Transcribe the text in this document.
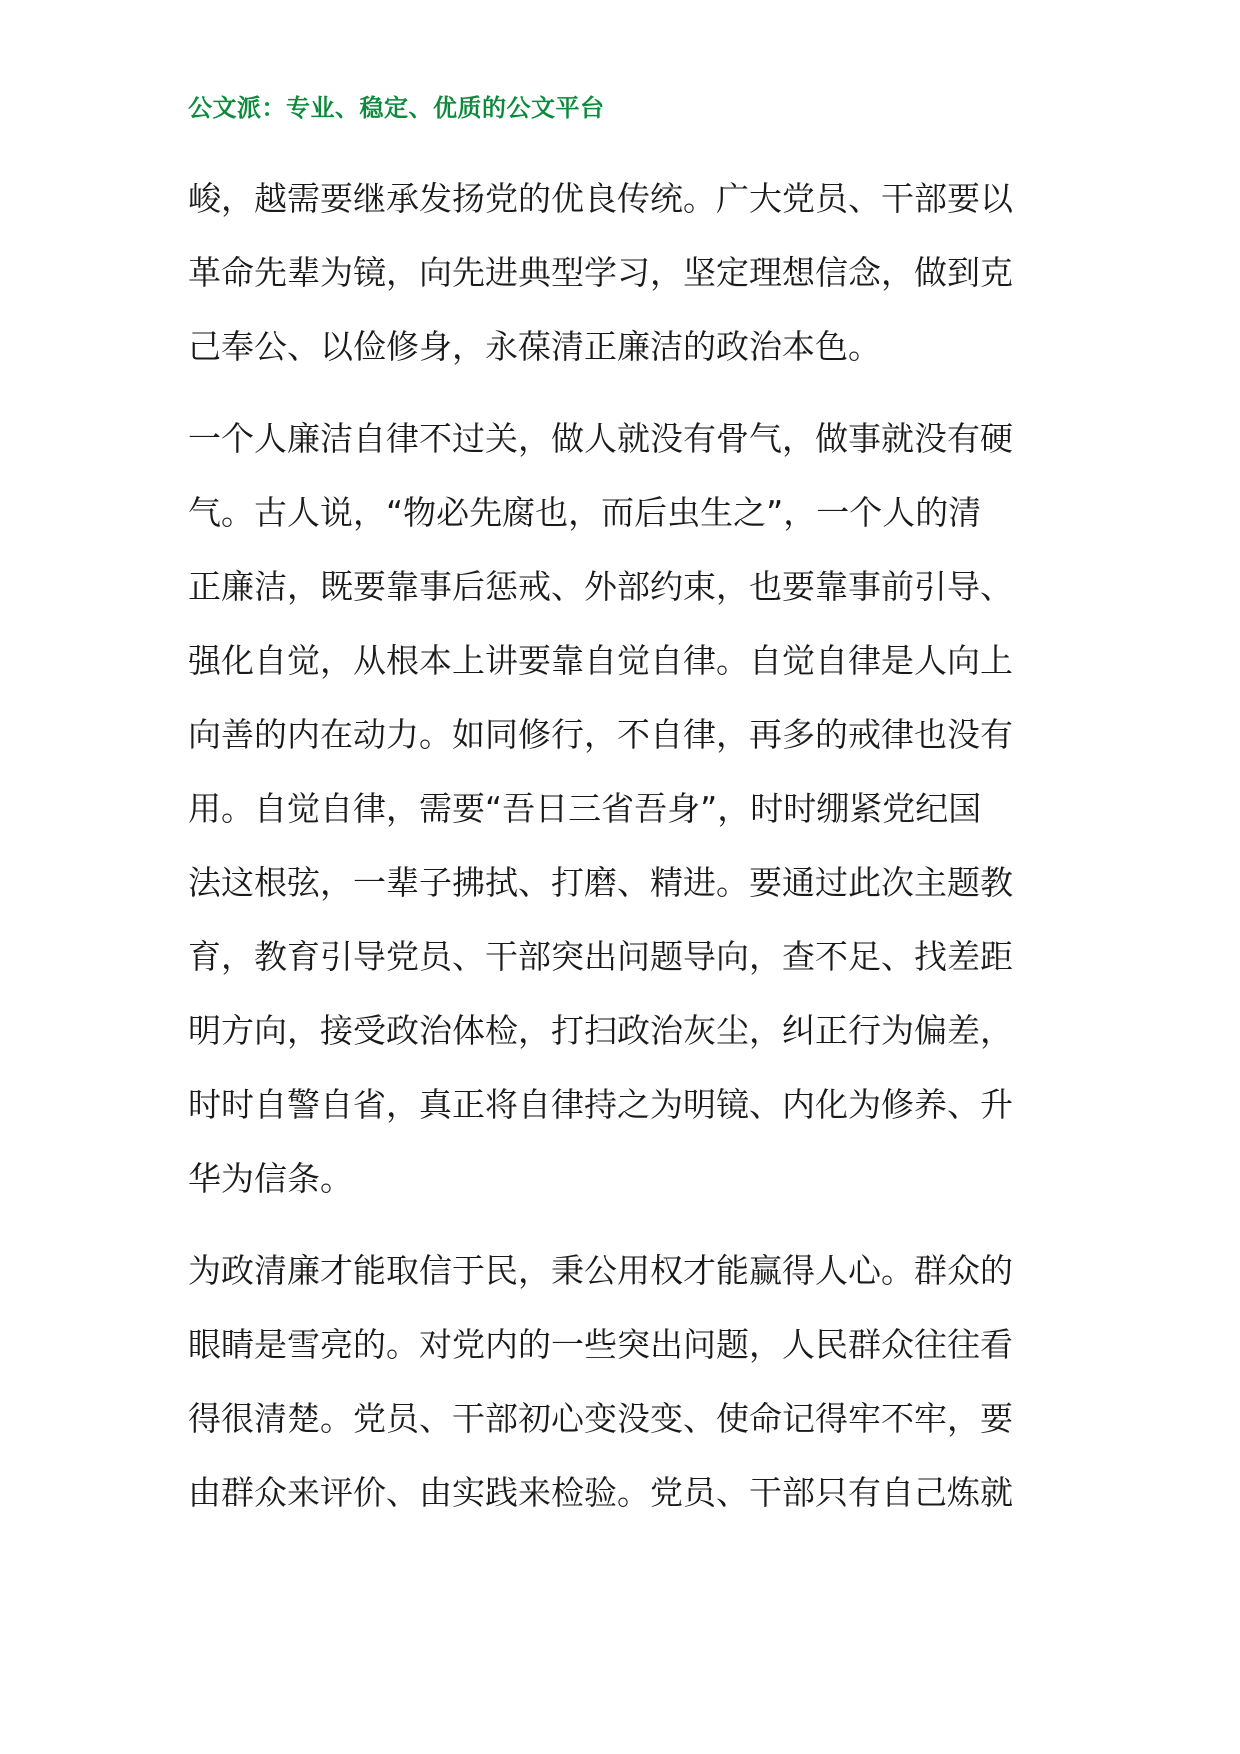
公文派：专业、稳定、优质的公文平台
峻，越需要继承发扬党的优良传统。广大党员、干部要以
革命先辈为镜，向先进典型学习，坚定理想信念，做到克
己奉公、以俭修身，永葆清正廉洁的政治本色。
一个人廉洁自律不过关，做人就没有骨气，做事就没有硬
气。古人说，“物必先腐也，而后虫生之”，一个人的清
正廉洁，既要靠事后惩戒、外部约束，也要靠事前引导、
强化自觉，从根本上讲要靠自觉自律。自觉自律是人向上
向善的内在动力。如同修行，不自律，再多的戒律也没有
用。自觉自律，需要“吾日三省吾身”，时时绷紧党纪国
法这根弦，一辈子拂拭、打磨、精进。要通过此次主题教
育，教育引导党员、干部突出问题导向，查不足、找差距
明方向，接受政治体检，打扫政治灰尘，纠正行为偏差，
时时自警自省，真正将自律持之为明镜、内化为修养、升
华为信条。
为政清廉才能取信于民，秉公用权才能赢得人心。群众的
眼睛是雪亮的。对党内的一些突出问题，人民群众往往看
得很清楚。党员、干部初心变没变、使命记得牢不牢，要
由群众来评价、由实践来检验。党员、干部只有自己炼就
